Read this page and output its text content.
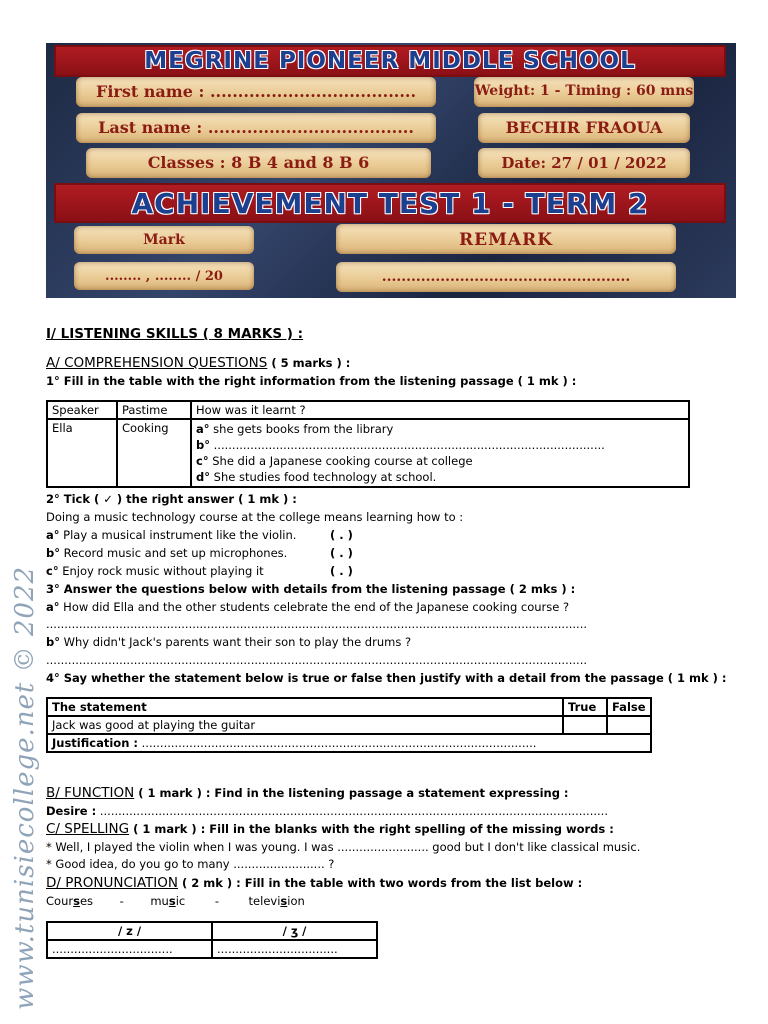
MEGRINE PIONEER MIDDLE SCHOOL
First name : .....................................
Last name : .....................................
Classes : 8 B 4 and 8 B 6
Weight: 1 - Timing : 60 mns
BECHIR FRAOUA
Date: 27 / 01 / 2022
ACHIEVEMENT TEST 1 - TERM 2
Mark
........ , ........ / 20
REMARK
...................................................
I/ LISTENING SKILLS ( 8 MARKS ) :
A/ COMPREHENSION QUESTIONS ( 5 marks ) :
1° Fill in the table with the right information from the listening passage ( 1 mk ) :
Speaker	Pastime	How was it learnt ?
Ella	Cooking	a° she gets books from the library
b° ...........................................................................................................
c° She did a Japanese cooking course at college
d° She studies food technology at school.
2° Tick ( ✓ ) the right answer ( 1 mk ) :
Doing a music technology course at the college means learning how to :
a° Play a musical instrument like the violin.	( . )
b° Record music and set up microphones.	( . )
c° Enjoy rock music without playing it	( . )
3° Answer the questions below with details from the listening passage ( 2 mks ) :
a° How did Ella and the other students celebrate the end of the Japanese cooking course ?
....................................................................................................................................................
b° Why didn't Jack's parents want their son to play the drums ?
....................................................................................................................................................
4° Say whether the statement below is true or false then justify with a detail from the passage ( 1 mk ) :
The statement	True	False
Jack was good at playing the guitar		
Justification : ............................................................................................................		
B/ FUNCTION ( 1 mark ) : Find in the listening passage a statement expressing :
Desire : ...........................................................................................................................................
C/ SPELLING ( 1 mark ) : Fill in the blanks with the right spelling of the missing words :
* Well, I played the violin when I was young. I was ......................... good but I don't like classical music.
* Good idea, do you go to many ......................... ?
D/ PRONUNCIATION ( 2 mk ) : Fill in the table with two words from the list below :
Courses - music	-	television
/ z /	/ ʒ /
.................................	.................................
www.tunisiecollege.net © 2022
